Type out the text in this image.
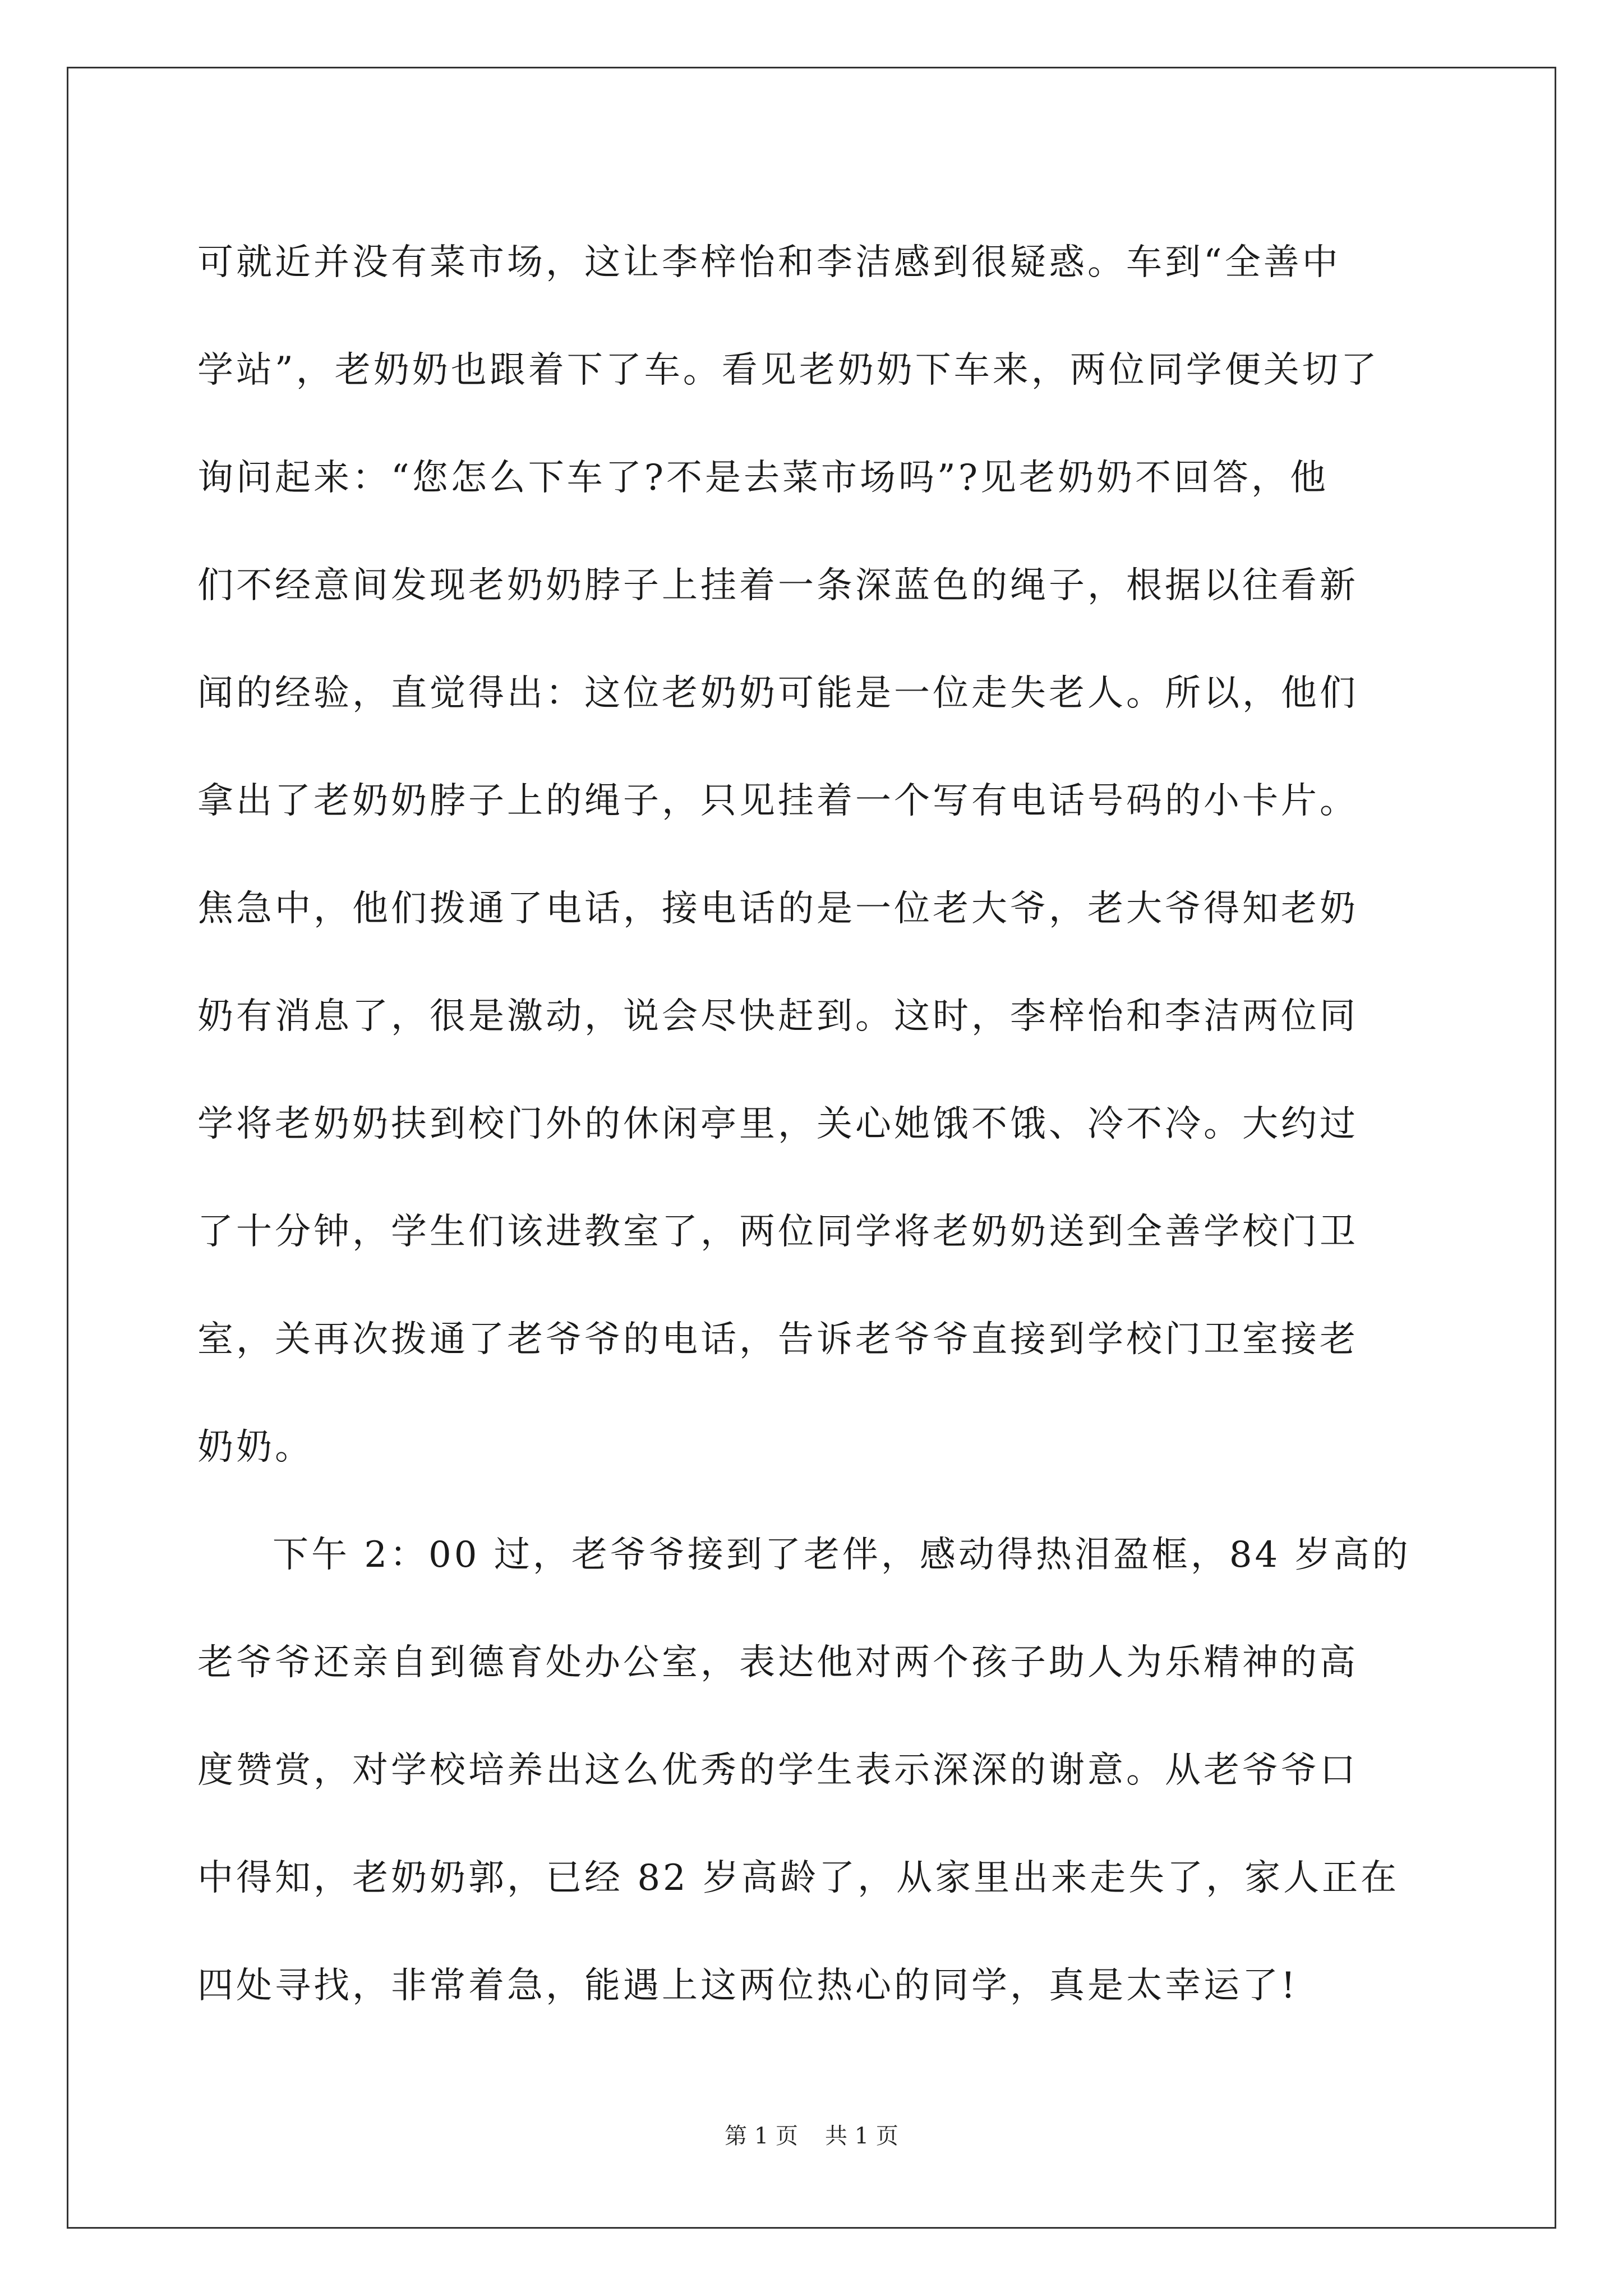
可就近并没有菜市场，这让李梓怡和李洁感到很疑惑。车到“全善中

学站”，老奶奶也跟着下了车。看见老奶奶下车来，两位同学便关切了

询问起来：“您怎么下车了?不是去菜市场吗”?见老奶奶不回答，他

们不经意间发现老奶奶脖子上挂着一条深蓝色的绳子，根据以往看新

闻的经验，直觉得出：这位老奶奶可能是一位走失老人。所以，他们

拿出了老奶奶脖子上的绳子，只见挂着一个写有电话号码的小卡片。

焦急中，他们拨通了电话，接电话的是一位老大爷，老大爷得知老奶

奶有消息了，很是激动，说会尽快赶到。这时，李梓怡和李洁两位同

学将老奶奶扶到校门外的休闲亭里，关心她饿不饿、冷不冷。大约过

了十分钟，学生们该进教室了，两位同学将老奶奶送到全善学校门卫

室，关再次拨通了老爷爷的电话，告诉老爷爷直接到学校门卫室接老

奶奶。

下午 2：00 过，老爷爷接到了老伴，感动得热泪盈框，84 岁高的

老爷爷还亲自到德育处办公室，表达他对两个孩子助人为乐精神的高

度赞赏，对学校培养出这么优秀的学生表示深深的谢意。从老爷爷口

中得知，老奶奶郭，已经 82 岁高龄了，从家里出来走失了，家人正在

四处寻找，非常着急，能遇上这两位热心的同学，真是太幸运了!

第 1 页 共 1 页
